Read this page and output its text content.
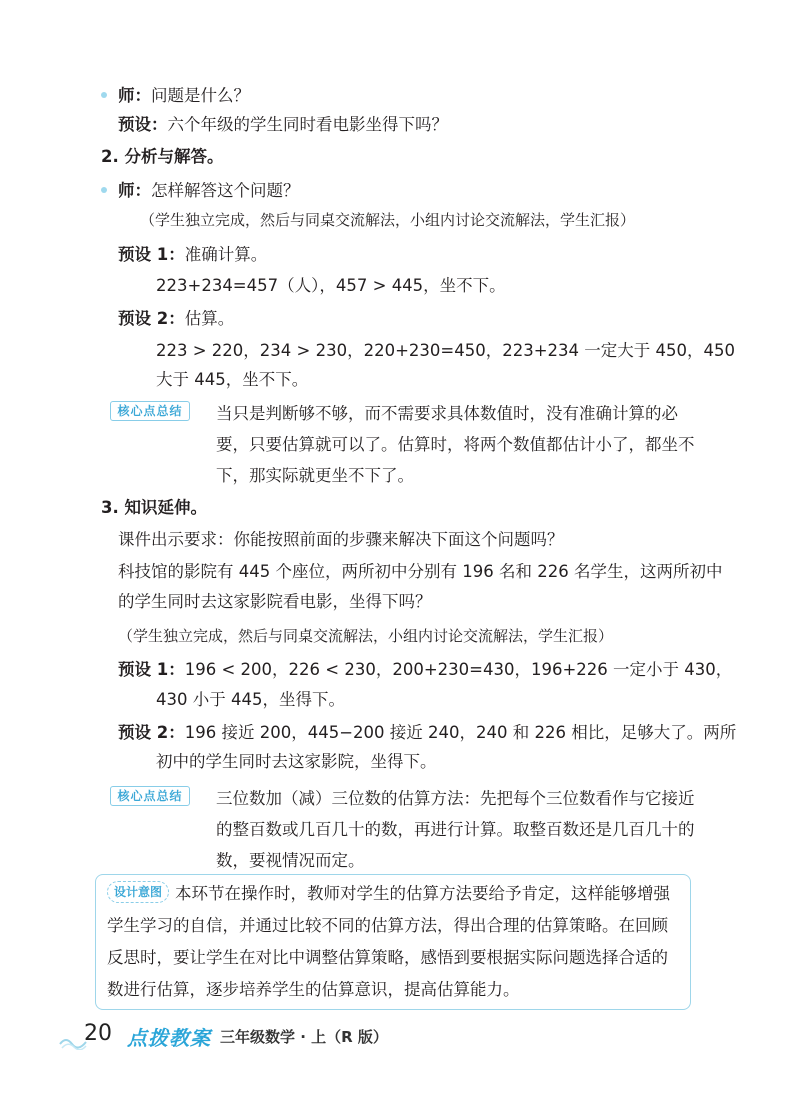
师：问题是什么？
预设：六个年级的学生同时看电影坐得下吗？
2. 分析与解答。
师：怎样解答这个问题？
（学生独立完成，然后与同桌交流解法，小组内讨论交流解法，学生汇报）
预设 1：准确计算。
223+234=457（人），457 > 445，坐不下。
预设 2：估算。
223 > 220，234 > 230，220+230=450，223+234 一定大于 450，450
大于 445，坐不下。
核心点总结	当只是判断够不够，而不需要求具体数值时，没有准确计算的必要，只要估算就可以了。估算时，将两个数值都估计小了，都坐不下，那实际就更坐不下了。
3. 知识延伸。
课件出示要求：你能按照前面的步骤来解决下面这个问题吗？
科技馆的影院有 445 个座位，两所初中分别有 196 名和 226 名学生，这两所初中
的学生同时去这家影院看电影，坐得下吗？
（学生独立完成，然后与同桌交流解法，小组内讨论交流解法，学生汇报）
预设 1：196 < 200，226 < 230，200+230=430，196+226 一定小于 430，
430 小于 445，坐得下。
预设 2：196 接近 200，445−200 接近 240，240 和 226 相比，足够大了。两所
初中的学生同时去这家影院，坐得下。
核心点总结	三位数加（减）三位数的估算方法：先把每个三位数看作与它接近的整百数或几百几十的数，再进行计算。取整百数还是几百几十的数，要视情况而定。
设计意图 本环节在操作时，教师对学生的估算方法要给予肯定，这样能够增强学生学习的自信，并通过比较不同的估算方法，得出合理的估算策略。在回顾反思时，要让学生在对比中调整估算策略，感悟到要根据实际问题选择合适的数进行估算，逐步培养学生的估算意识，提高估算能力。
20 点拨教案 三年级数学 · 上（R 版）
